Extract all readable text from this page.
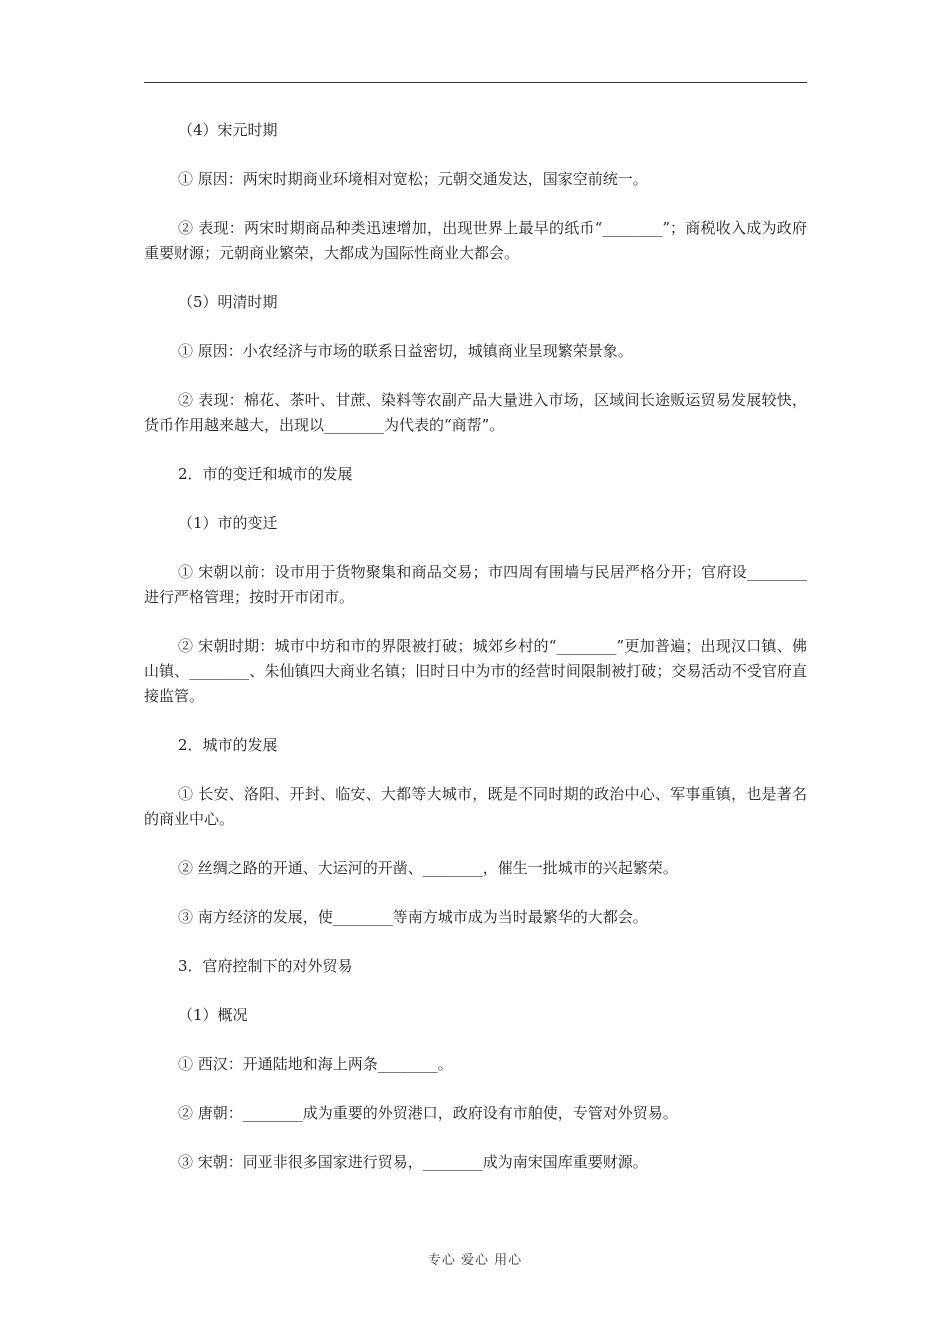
（4）宋元时期

① 原因：两宋时期商业环境相对宽松；元朝交通发达，国家空前统一。

② 表现：两宋时期商品种类迅速增加，出现世界上最早的纸币“________”；商税收入成为政府重要财源；元朝商业繁荣，大都成为国际性商业大都会。

（5）明清时期

① 原因：小农经济与市场的联系日益密切，城镇商业呈现繁荣景象。

② 表现：棉花、茶叶、甘蔗、染料等农副产品大量进入市场，区域间长途贩运贸易发展较快，货币作用越来越大，出现以________为代表的“商帮”。

2．市的变迁和城市的发展

（1）市的变迁

① 宋朝以前：设市用于货物聚集和商品交易；市四周有围墙与民居严格分开；官府设________进行严格管理；按时开市闭市。

② 宋朝时期：城市中坊和市的界限被打破；城郊乡村的“________”更加普遍；出现汉口镇、佛山镇、________、朱仙镇四大商业名镇；旧时日中为市的经营时间限制被打破；交易活动不受官府直接监管。

2．城市的发展

① 长安、洛阳、开封、临安、大都等大城市，既是不同时期的政治中心、军事重镇，也是著名的商业中心。

② 丝绸之路的开通、大运河的开凿、________，催生一批城市的兴起繁荣。

③ 南方经济的发展，使________等南方城市成为当时最繁华的大都会。

3．官府控制下的对外贸易

（1）概况

① 西汉：开通陆地和海上两条________。

② 唐朝：________成为重要的外贸港口，政府设有市舶使，专管对外贸易。

③ 宋朝：同亚非很多国家进行贸易，________成为南宋国库重要财源。

专心 爱心 用心
